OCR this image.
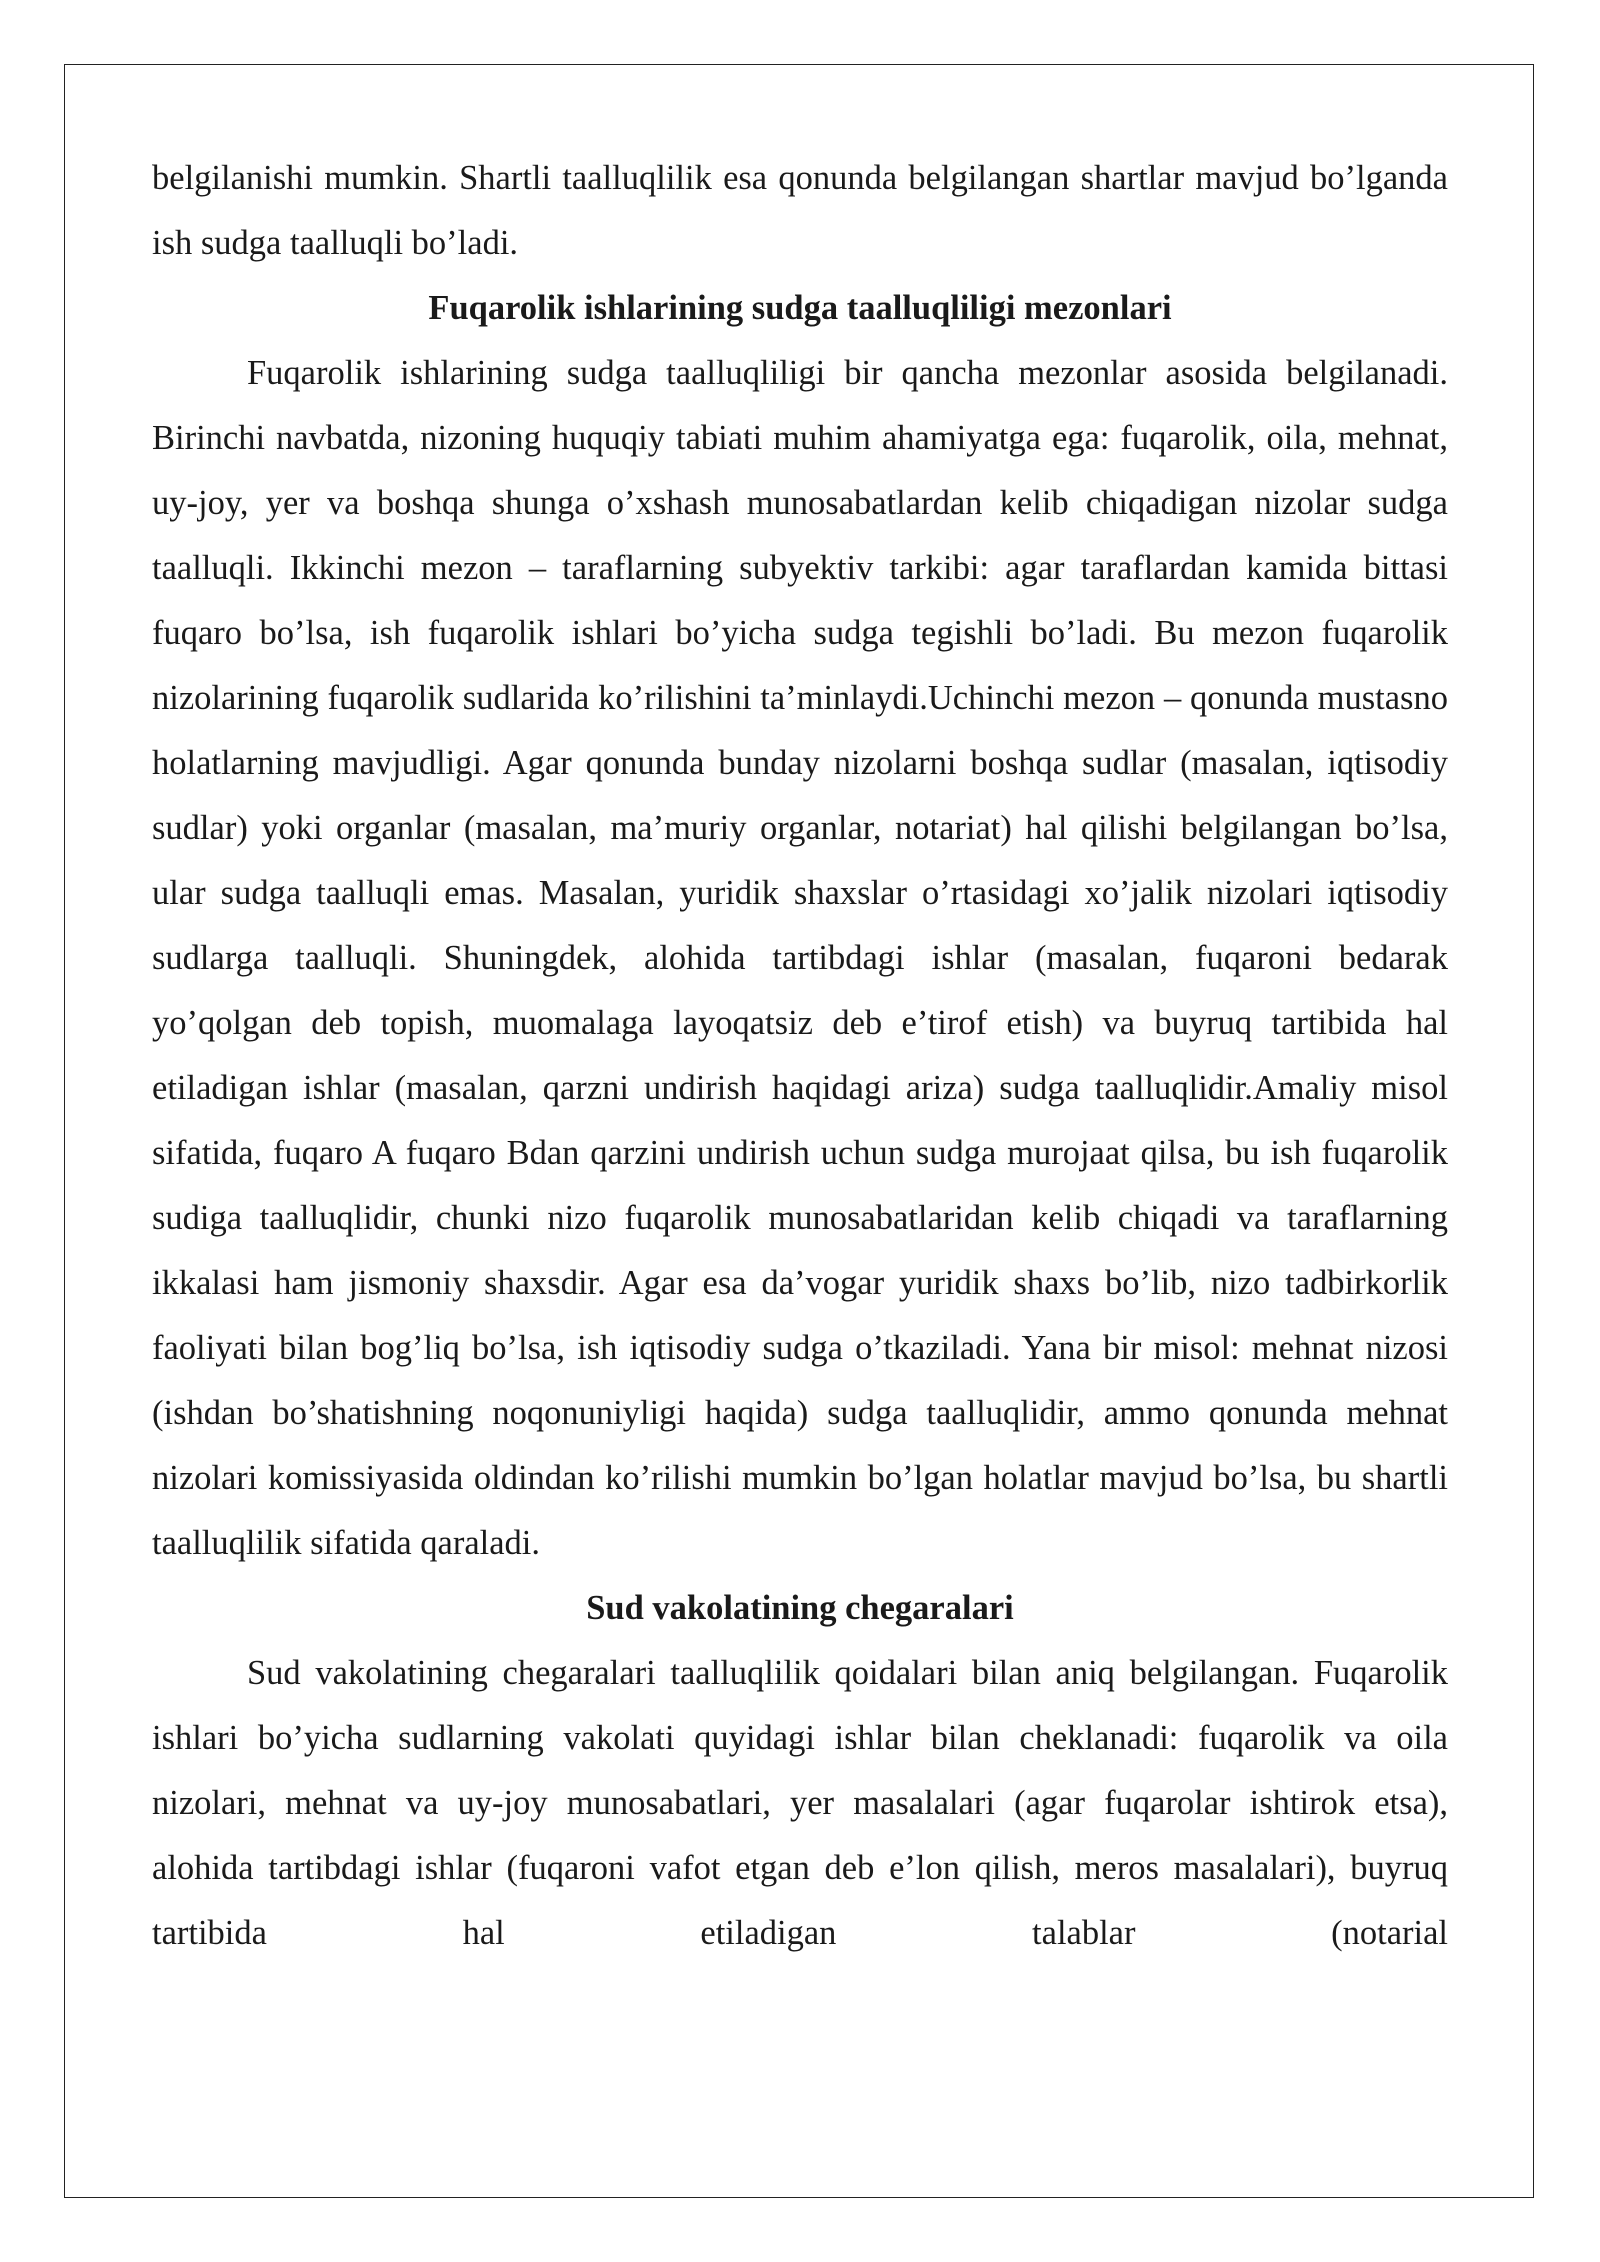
belgilanishi mumkin. Shartli taalluqlilik esa qonunda belgilangan shartlar mavjud bo’lganda ish sudga taalluqli bo’ladi.

Fuqarolik ishlarining sudga taalluqliligi mezonlari

Fuqarolik ishlarining sudga taalluqliligi bir qancha mezonlar asosida belgilanadi. Birinchi navbatda, nizoning huquqiy tabiati muhim ahamiyatga ega: fuqarolik, oila, mehnat, uy-joy, yer va boshqa shunga o’xshash munosabatlardan kelib chiqadigan nizolar sudga taalluqli. Ikkinchi mezon – taraflarning subyektiv tarkibi: agar taraflardan kamida bittasi fuqaro bo’lsa, ish fuqarolik ishlari bo’yicha sudga tegishli bo’ladi. Bu mezon fuqarolik nizolarining fuqarolik sudlarida ko’rilishini ta’minlaydi.Uchinchi mezon – qonunda mustasno holatlarning mavjudligi. Agar qonunda bunday nizolarni boshqa sudlar (masalan, iqtisodiy sudlar) yoki organlar (masalan, ma’muriy organlar, notariat) hal qilishi belgilangan bo’lsa, ular sudga taalluqli emas. Masalan, yuridik shaxslar o’rtasidagi xo’jalik nizolari iqtisodiy sudlarga taalluqli. Shuningdek, alohida tartibdagi ishlar (masalan, fuqaroni bedarak yo’qolgan deb topish, muomalaga layoqatsiz deb e’tirof etish) va buyruq tartibida hal etiladigan ishlar (masalan, qarzni undirish haqidagi ariza) sudga taalluqlidir.Amaliy misol sifatida, fuqaro A fuqaro Bdan qarzini undirish uchun sudga murojaat qilsa, bu ish fuqarolik sudiga taalluqlidir, chunki nizo fuqarolik munosabatlaridan kelib chiqadi va taraflarning ikkalasi ham jismoniy shaxsdir. Agar esa da’vogar yuridik shaxs bo’lib, nizo tadbirkorlik faoliyati bilan bog’liq bo’lsa, ish iqtisodiy sudga o’tkaziladi. Yana bir misol: mehnat nizosi (ishdan bo’shatishning noqonuniyligi haqida) sudga taalluqlidir, ammo qonunda mehnat nizolari komissiyasida oldindan ko’rilishi mumkin bo’lgan holatlar mavjud bo’lsa, bu shartli taalluqlilik sifatida qaraladi.

Sud vakolatining chegaralari

Sud vakolatining chegaralari taalluqlilik qoidalari bilan aniq belgilangan. Fuqarolik ishlari bo’yicha sudlarning vakolati quyidagi ishlar bilan cheklanadi: fuqarolik va oila nizolari, mehnat va uy-joy munosabatlari, yer masalalari (agar fuqarolar ishtirok etsa), alohida tartibdagi ishlar (fuqaroni vafot etgan deb e’lon qilish, meros masalalari), buyruq tartibida hal etiladigan talablar (notarial
